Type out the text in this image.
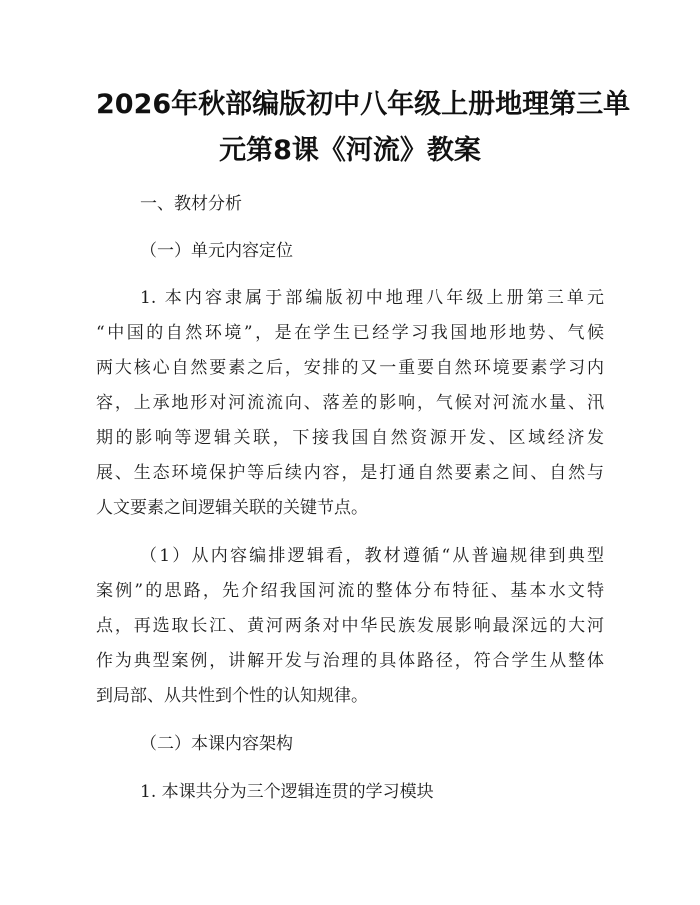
2026年秋部编版初中八年级上册地理第三单
元第8课《河流》教案
一、教材分析
（一）单元内容定位
1. 本内容隶属于部编版初中地理八年级上册第三单元
“中国的自然环境”，是在学生已经学习我国地形地势、气候
两大核心自然要素之后，安排的又一重要自然环境要素学习内
容，上承地形对河流流向、落差的影响，气候对河流水量、汛
期的影响等逻辑关联，下接我国自然资源开发、区域经济发
展、生态环境保护等后续内容，是打通自然要素之间、自然与
人文要素之间逻辑关联的关键节点。
（1）从内容编排逻辑看，教材遵循“从普遍规律到典型
案例”的思路，先介绍我国河流的整体分布特征、基本水文特
点，再选取长江、黄河两条对中华民族发展影响最深远的大河
作为典型案例，讲解开发与治理的具体路径，符合学生从整体
到局部、从共性到个性的认知规律。
（二）本课内容架构
1. 本课共分为三个逻辑连贯的学习模块
